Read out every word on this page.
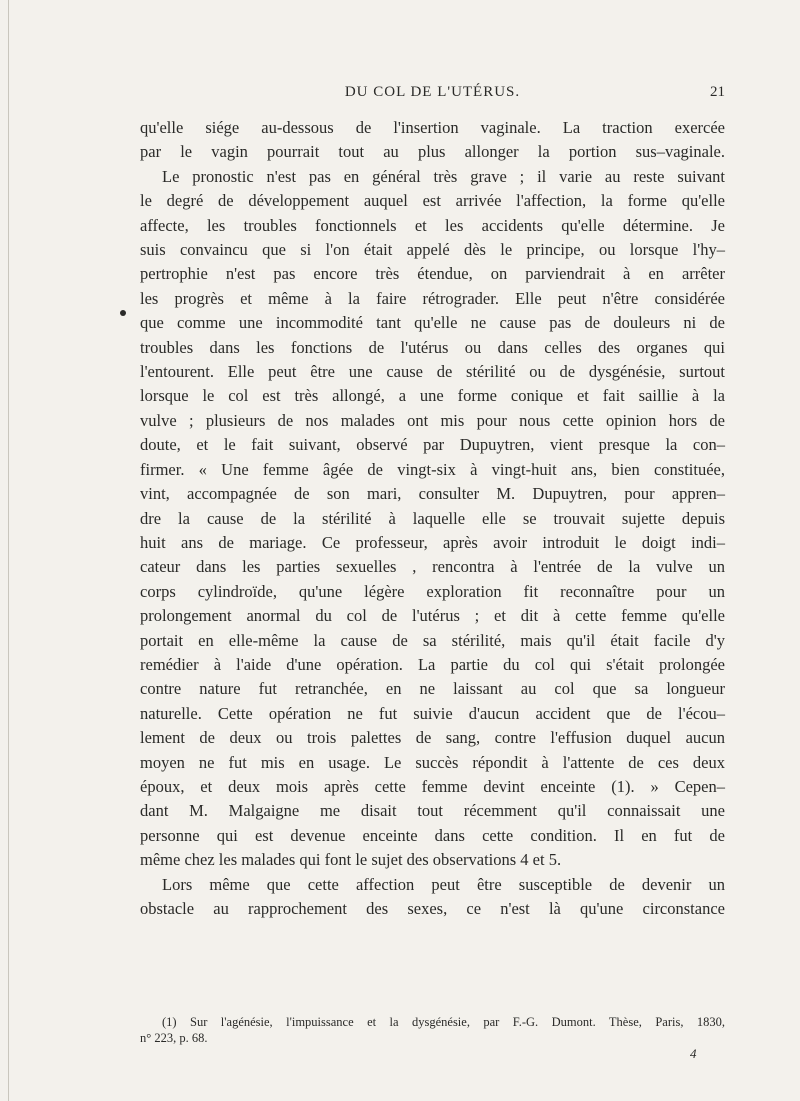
DU COL DE L'UTÉRUS.	21
qu'elle siége au-dessous de l'insertion vaginale. La traction exercée
par le vagin pourrait tout au plus allonger la portion sus–vaginale.
Le pronostic n'est pas en général très grave ; il varie au reste suivant
le degré de développement auquel est arrivée l'affection, la forme qu'elle
affecte, les troubles fonctionnels et les accidents qu'elle détermine. Je
suis convaincu que si l'on était appelé dès le principe, ou lorsque l'hy–
pertrophie n'est pas encore très étendue, on parviendrait à en arrêter
les progrès et même à la faire rétrograder. Elle peut n'être considérée
que comme une incommodité tant qu'elle ne cause pas de douleurs ni de
troubles dans les fonctions de l'utérus ou dans celles des organes qui
l'entourent. Elle peut être une cause de stérilité ou de dysgénésie, surtout
lorsque le col est très allongé, a une forme conique et fait saillie à la
vulve ; plusieurs de nos malades ont mis pour nous cette opinion hors de
doute, et le fait suivant, observé par Dupuytren, vient presque la con–
firmer. « Une femme âgée de vingt-six à vingt-huit ans, bien constituée,
vint, accompagnée de son mari, consulter M. Dupuytren, pour appren–
dre la cause de la stérilité à laquelle elle se trouvait sujette depuis
huit ans de mariage. Ce professeur, après avoir introduit le doigt indi–
cateur dans les parties sexuelles , rencontra à l'entrée de la vulve un
corps cylindroïde, qu'une légère exploration fit reconnaître pour un
prolongement anormal du col de l'utérus ; et dit à cette femme qu'elle
portait en elle-même la cause de sa stérilité, mais qu'il était facile d'y
remédier à l'aide d'une opération. La partie du col qui s'était prolongée
contre nature fut retranchée, en ne laissant au col que sa longueur
naturelle. Cette opération ne fut suivie d'aucun accident que de l'écou–
lement de deux ou trois palettes de sang, contre l'effusion duquel aucun
moyen ne fut mis en usage. Le succès répondit à l'attente de ces deux
époux, et deux mois après cette femme devint enceinte (1). » Cepen–
dant M. Malgaigne me disait tout récemment qu'il connaissait une
personne qui est devenue enceinte dans cette condition. Il en fut de
même chez les malades qui font le sujet des observations 4 et 5.
Lors même que cette affection peut être susceptible de devenir un
obstacle au rapprochement des sexes, ce n'est là qu'une circonstance
(1) Sur l'agénésie, l'impuissance et la dysgénésie, par F.-G. Dumont. Thèse, Paris, 1830,
n° 223, p. 68.
4
